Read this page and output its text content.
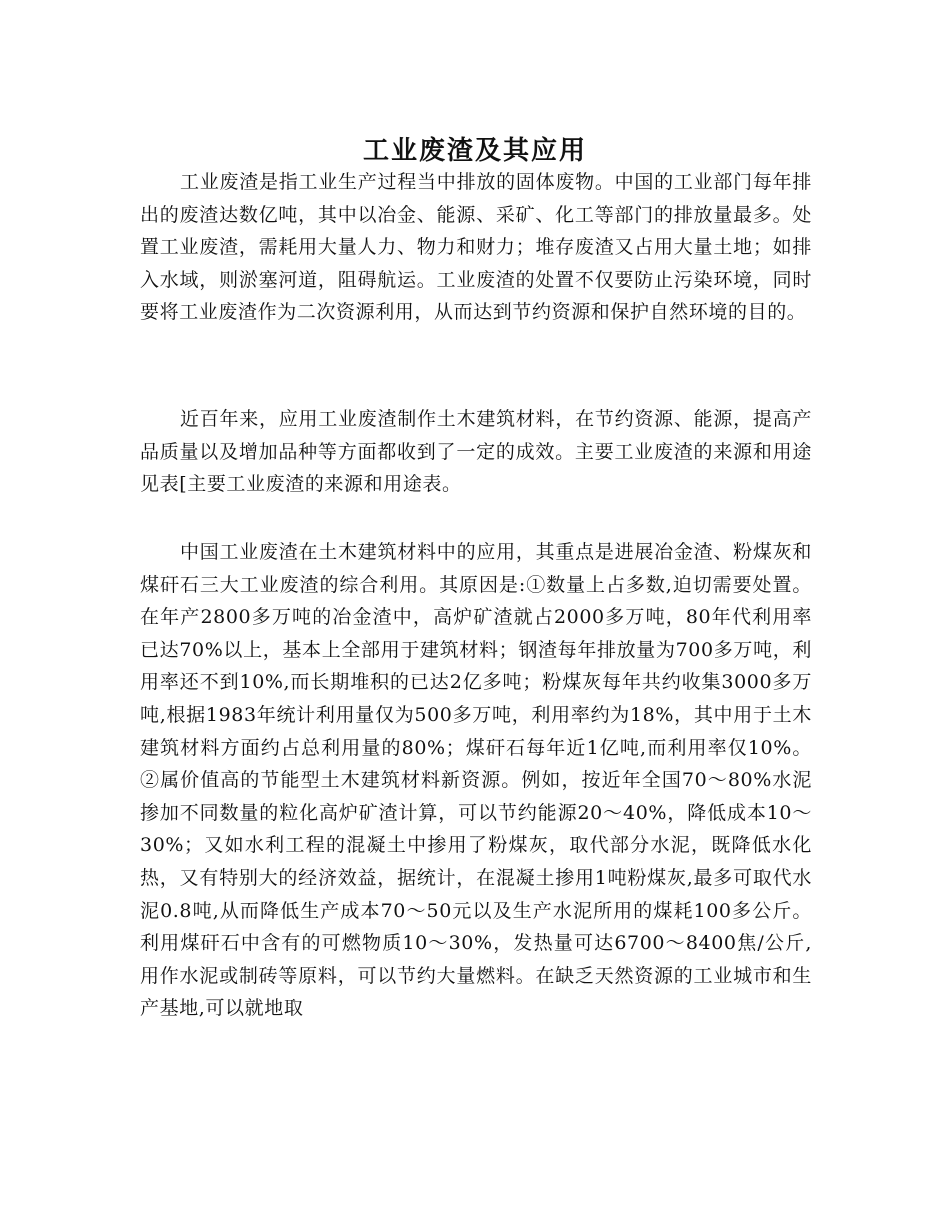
工业废渣及其应用

工业废渣是指工业生产过程当中排放的固体废物。中国的工业部门每年排出的废渣达数亿吨，其中以冶金、能源、采矿、化工等部门的排放量最多。处置工业废渣，需耗用大量人力、物力和财力；堆存废渣又占用大量土地；如排入水域，则淤塞河道，阻碍航运。工业废渣的处置不仅要防止污染环境，同时要将工业废渣作为二次资源利用，从而达到节约资源和保护自然环境的目的。

近百年来，应用工业废渣制作土木建筑材料，在节约资源、能源，提高产品质量以及增加品种等方面都收到了一定的成效。主要工业废渣的来源和用途见表[主要工业废渣的来源和用途表。

中国工业废渣在土木建筑材料中的应用，其重点是进展冶金渣、粉煤灰和煤矸石三大工业废渣的综合利用。其原因是:①数量上占多数,迫切需要处置。在年产2800多万吨的冶金渣中，高炉矿渣就占2000多万吨，80年代利用率已达70%以上，基本上全部用于建筑材料；钢渣每年排放量为700多万吨，利用率还不到10%,而长期堆积的已达2亿多吨；粉煤灰每年共约收集3000多万吨,根据1983年统计利用量仅为500多万吨，利用率约为18%，其中用于土木建筑材料方面约占总利用量的80%；煤矸石每年近1亿吨,而利用率仅10%。②属价值高的节能型土木建筑材料新资源。例如，按近年全国70～80%水泥掺加不同数量的粒化高炉矿渣计算，可以节约能源20～40%，降低成本10～30%；又如水利工程的混凝土中掺用了粉煤灰，取代部分水泥，既降低水化热，又有特别大的经济效益，据统计，在混凝土掺用1吨粉煤灰,最多可取代水泥0.8吨,从而降低生产成本70～50元以及生产水泥所用的煤耗100多公斤。利用煤矸石中含有的可燃物质10～30%，发热量可达6700～8400焦/公斤,用作水泥或制砖等原料，可以节约大量燃料。在缺乏天然资源的工业城市和生产基地,可以就地取
